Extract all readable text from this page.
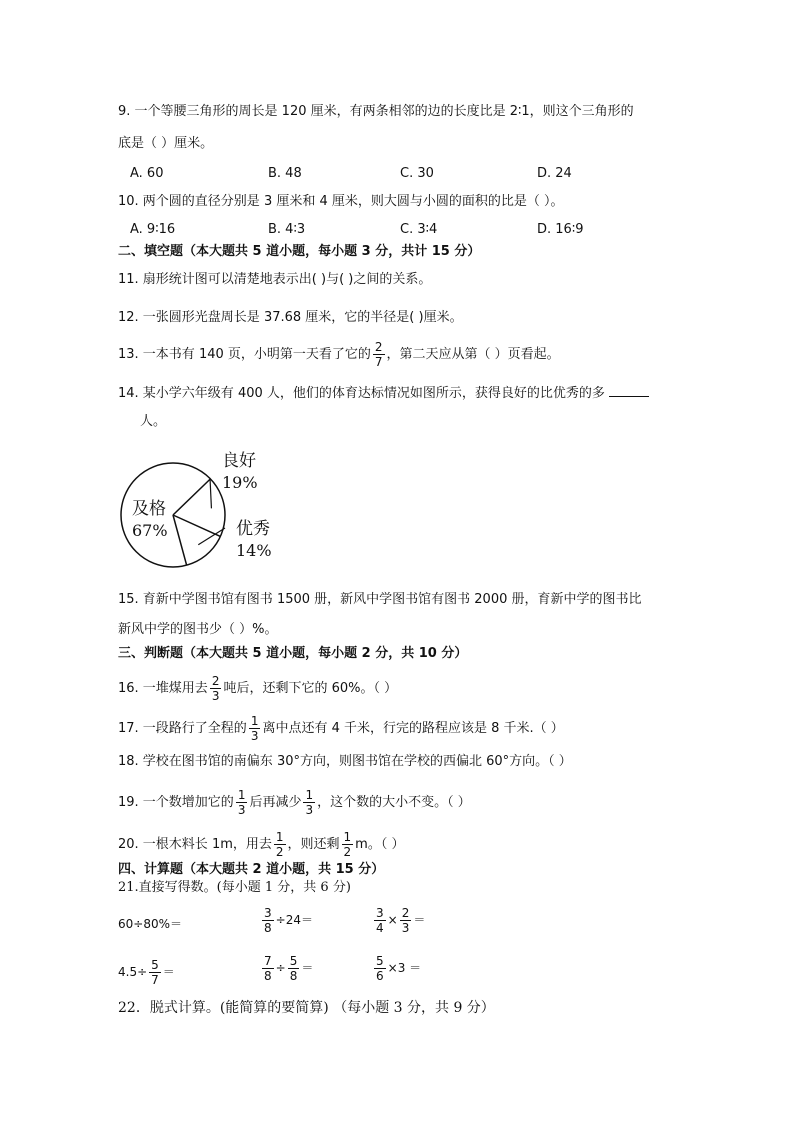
9. 一个等腰三角形的周长是 120 厘米，有两条相邻的边的长度比是 2∶1，则这个三角形的
底是（ ）厘米。
A. 60	B. 48	C. 30	D. 24
10. 两个圆的直径分别是 3 厘米和 4 厘米，则大圆与小圆的面积的比是（ ）。
A. 9∶16	B. 4∶3	C. 3∶4	D. 16∶9
二、填空题（本大题共 5 道小题，每小题 3 分，共计 15 分）
11. 扇形统计图可以清楚地表示出( )与( )之间的关系。
12. 一张圆形光盘周长是 37.68 厘米，它的半径是( )厘米。
13. 一本书有 140 页，小明第一天看了它的 $\frac{2}{7}$ ，第二天应从第（ ）页看起。
14. 某小学六年级有 400 人，他们的体育达标情况如图所示，获得良好的比优秀的多
人。
良好
19%
优秀
14%
及格
67%
15. 育新中学图书馆有图书 1500 册，新风中学图书馆有图书 2000 册，育新中学的图书比
新风中学的图书少（ ）%。
三、判断题（本大题共 5 道小题，每小题 2 分，共 10 分）
16. 一堆煤用去 $\frac{2}{3}$ 吨后，还剩下它的 60%。（ ）
17. 一段路行了全程的 $\frac{1}{3}$ 离中点还有 4 千米，行完的路程应该是 8 千米.（ ）
18. 学校在图书馆的南偏东 30°方向，则图书馆在学校的西偏北 60°方向。（ ）
19. 一个数增加它的 $\frac{1}{3}$ 后再减少 $\frac{1}{3}$ ，这个数的大小不变。（ ）
20. 一根木料长 1m，用去 $\frac{1}{2}$ ，则还剩 $\frac{1}{2}$ m。（ ）
四、计算题（本大题共 2 道小题，共 15 分）
21.直接写得数。(每小题 1 分，共 6 分)
60÷80%＝	$\frac{3}{8} \div 24=$	$\frac{3}{4} \times \frac{2}{3}$ ＝
$4.5\div \frac{5}{7}$ ＝	$\frac{7}{8} \div \frac{5}{8}$ ＝	$\frac{5}{6} \times 3$ ＝
22．脱式计算。(能简算的要简算) （每小题 3 分，共 9 分）
